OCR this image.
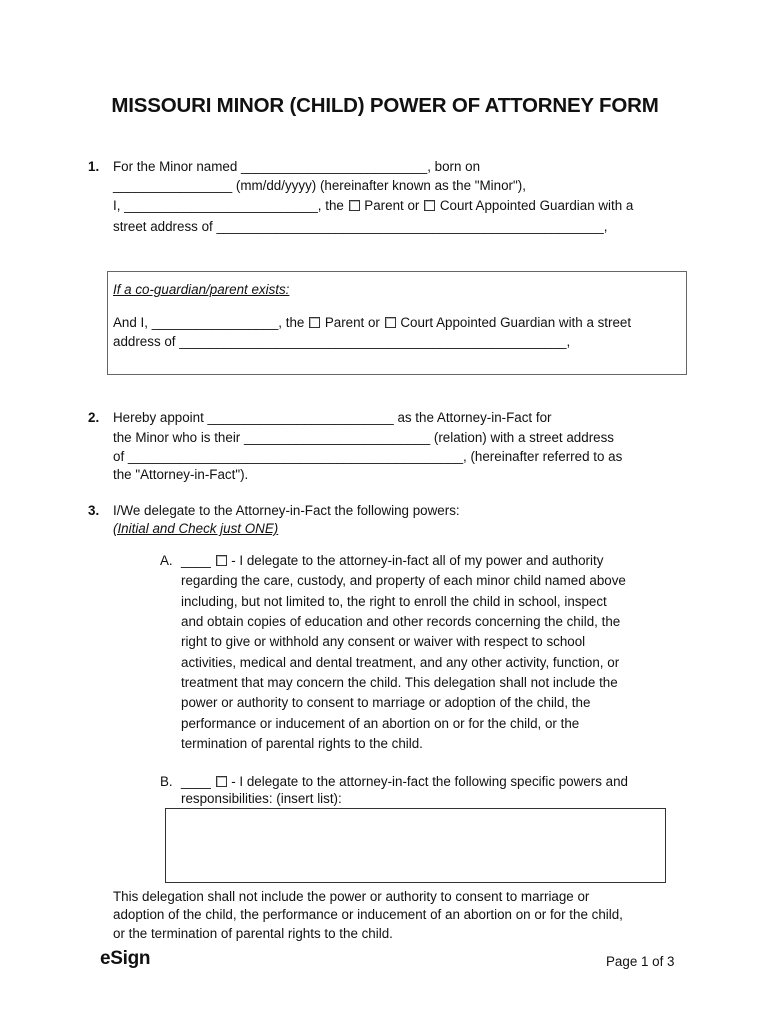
MISSOURI MINOR (CHILD) POWER OF ATTORNEY FORM
1. For the Minor named _________________________, born on
________________ (mm/dd/yyyy) (hereinafter known as the "Minor"),
I, __________________________, the  Parent or  Court Appointed Guardian with a
street address of ____________________________________________________,
If a co-guardian/parent exists:
And I, _________________, the  Parent or  Court Appointed Guardian with a street
address of ____________________________________________________,
2. Hereby appoint _________________________ as the Attorney-in-Fact for
the Minor who is their _________________________ (relation) with a street address
of _____________________________________________, (hereinafter referred to as
the "Attorney-in-Fact").
3. I/We delegate to the Attorney-in-Fact the following powers:
(Initial and Check just ONE)
A. ____  - I delegate to the attorney-in-fact all of my power and authority
regarding the care, custody, and property of each minor child named above
including, but not limited to, the right to enroll the child in school, inspect
and obtain copies of education and other records concerning the child, the
right to give or withhold any consent or waiver with respect to school
activities, medical and dental treatment, and any other activity, function, or
treatment that may concern the child. This delegation shall not include the
power or authority to consent to marriage or adoption of the child, the
performance or inducement of an abortion on or for the child, or the
termination of parental rights to the child.
B. ____  - I delegate to the attorney-in-fact the following specific powers and
responsibilities: (insert list):
This delegation shall not include the power or authority to consent to marriage or
adoption of the child, the performance or inducement of an abortion on or for the child,
or the termination of parental rights to the child.
eSign	Page 1 of 3
